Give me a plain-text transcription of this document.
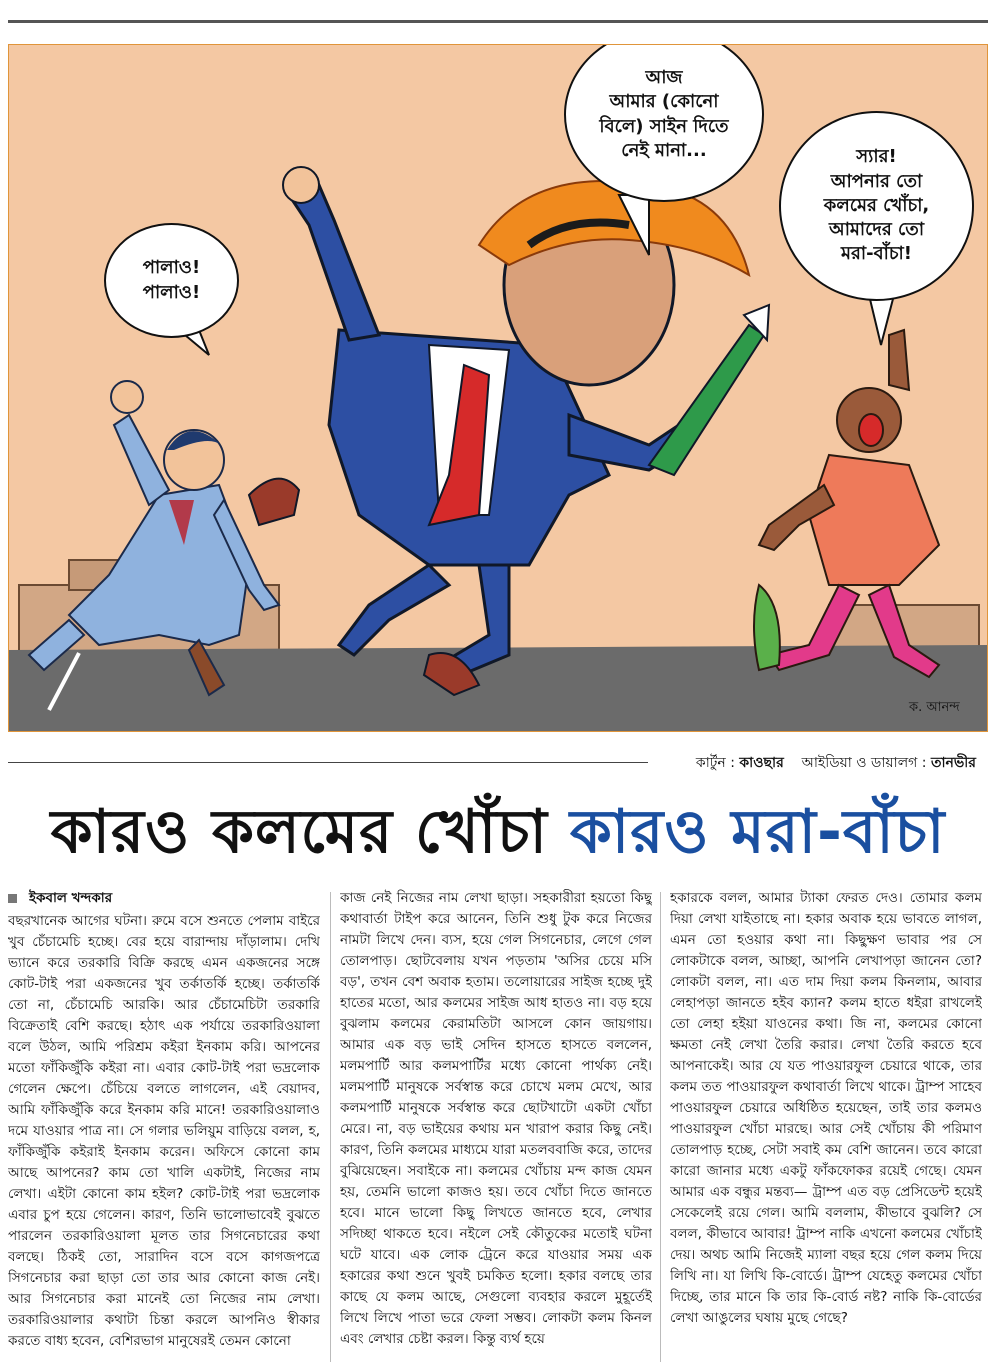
ক. আনন্দ
পালাও!
পালাও!
আজ
আমার (কোনো
বিলে) সাইন দিতে
নেই মানা...	স্যার!
আপনার তো
কলমের খোঁচা,
আমাদের তো
মরা-বাঁচা!
কার্টুন : কাওছার আইডিয়া ও ডায়ালগ : তানভীর
কারও কলমের খোঁচা কারও মরা-বাঁচা
ইকবাল খন্দকার
বছরখানেক আগের ঘটনা। রুমে বসে শুনতে পেলাম বাইরে খুব চেঁচামেচি হচ্ছে। বের হয়ে বারান্দায় দাঁড়ালাম। দেখি ভ্যানে করে তরকারি বিক্রি করছে এমন একজনের সঙ্গে কোট-টাই পরা একজনের খুব তর্কাতর্কি হচ্ছে। তর্কাতর্কি তো না, চেঁচামেচি আরকি। আর চেঁচামেচিটা তরকারি বিক্রেতাই বেশি করছে। হঠাৎ এক পর্যায়ে তরকারিওয়ালা বলে উঠল, আমি পরিশ্রম কইরা ইনকাম করি। আপনের মতো ফাঁকিজুঁকি কইরা না। এবার কোট-টাই পরা ভদ্রলোক গেলেন ক্ষেপে। চেঁচিয়ে বলতে লাগলেন, এই বেয়াদব, আমি ফাঁকিজুঁকি করে ইনকাম করি মানে! তরকারিওয়ালাও দমে যাওয়ার পাত্র না। সে গলার ভলিয়ুম বাড়িয়ে বলল, হ, ফাঁকিজুঁকি কইরাই ইনকাম করেন। অফিসে কোনো কাম আছে আপনের? কাম তো খালি একটাই, নিজের নাম লেখা। এইটা কোনো কাম হইল? কোট-টাই পরা ভদ্রলোক এবার চুপ হয়ে গেলেন। কারণ, তিনি ভালোভাবেই বুঝতে পারলেন তরকারিওয়ালা মূলত তার সিগনেচারের কথা বলছে। ঠিকই তো, সারাদিন বসে বসে কাগজপত্রে সিগনেচার করা ছাড়া তো তার আর কোনো কাজ নেই। আর সিগনেচার করা মানেই তো নিজের নাম লেখা। তরকারিওয়ালার কথাটা চিন্তা করলে আপনিও স্বীকার করতে বাধ্য হবেন, বেশিরভাগ মানুষেরই তেমন কোনো
কাজ নেই নিজের নাম লেখা ছাড়া। সহকারীরা হয়তো কিছু কথাবার্তা টাইপ করে আনেন, তিনি শুধু টুক করে নিজের নামটা লিখে দেন। ব্যস, হয়ে গেল সিগনেচার, লেগে গেল তোলপাড়। ছোটবেলায় যখন পড়তাম 'অসির চেয়ে মসি বড়', তখন বেশ অবাক হতাম। তলোয়ারের সাইজ হচ্ছে দুই হাতের মতো, আর কলমের সাইজ আধ হাতও না। বড় হয়ে বুঝলাম কলমের কেরামতিটা আসলে কোন জায়গায়। আমার এক বড় ভাই সেদিন হাসতে হাসতে বললেন, মলমপার্টি আর কলমপার্টির মধ্যে কোনো পার্থক্য নেই। মলমপার্টি মানুষকে সর্বস্বান্ত করে চোখে মলম মেখে, আর কলমপার্টি মানুষকে সর্বস্বান্ত করে ছোটখাটো একটা খোঁচা মেরে। না, বড় ভাইয়ের কথায় মন খারাপ করার কিছু নেই। কারণ, তিনি কলমের মাধ্যমে যারা মতলববাজি করে, তাদের বুঝিয়েছেন। সবাইকে না। কলমের খোঁচায় মন্দ কাজ যেমন হয়, তেমনি ভালো কাজও হয়। তবে খোঁচা দিতে জানতে হবে। মানে ভালো কিছু লিখতে জানতে হবে, লেখার সদিচ্ছা থাকতে হবে। নইলে সেই কৌতুকের মতোই ঘটনা ঘটে যাবে। এক লোক ট্রেনে করে যাওয়ার সময় এক হকারের কথা শুনে খুবই চমকিত হলো। হকার বলছে তার কাছে যে কলম আছে, সেগুলো ব্যবহার করলে মুহূর্তেই লিখে লিখে পাতা ভরে ফেলা সম্ভব। লোকটা কলম কিনল এবং লেখার চেষ্টা করল। কিন্তু ব্যর্থ হয়ে
হকারকে বলল, আমার ট্যাকা ফেরত দেও। তোমার কলম দিয়া লেখা যাইতাছে না। হকার অবাক হয়ে ভাবতে লাগল, এমন তো হওয়ার কথা না। কিছুক্ষণ ভাবার পর সে লোকটাকে বলল, আচ্ছা, আপনি লেখাপড়া জানেন তো? লোকটা বলল, না। এত দাম দিয়া কলম কিনলাম, আবার লেহাপড়া জানতে হইব ক্যান? কলম হাতে ধইরা রাখলেই তো লেহা হইয়া যাওনের কথা। জি না, কলমের কোনো ক্ষমতা নেই লেখা তৈরি করার। লেখা তৈরি করতে হবে আপনাকেই। আর যে যত পাওয়ারফুল চেয়ারে থাকে, তার কলম তত পাওয়ারফুল কথাবার্তা লিখে থাকে। ট্রাম্প সাহেব পাওয়ারফুল চেয়ারে অধিষ্ঠিত হয়েছেন, তাই তার কলমও পাওয়ারফুল খোঁচা মারছে। আর সেই খোঁচায় কী পরিমাণ তোলপাড় হচ্ছে, সেটা সবাই কম বেশি জানেন। তবে কারো কারো জানার মধ্যে একটু ফাঁকফোকর রয়েই গেছে। যেমন আমার এক বন্ধুর মন্তব্য— ট্রাম্প এত বড় প্রেসিডেন্ট হয়েই সেকেলেই রয়ে গেল। আমি বললাম, কীভাবে বুঝলি? সে বলল, কীভাবে আবার! ট্রাম্প নাকি এখনো কলমের খোঁচাই দেয়। অথচ আমি নিজেই ম্যালা বছর হয়ে গেল কলম দিয়ে লিখি না। যা লিখি কি-বোর্ডে। ট্রাম্প যেহেতু কলমের খোঁচা দিচ্ছে, তার মানে কি তার কি-বোর্ড নষ্ট? নাকি কি-বোর্ডের লেখা আঙুলের ঘষায় মুছে গেছে?
